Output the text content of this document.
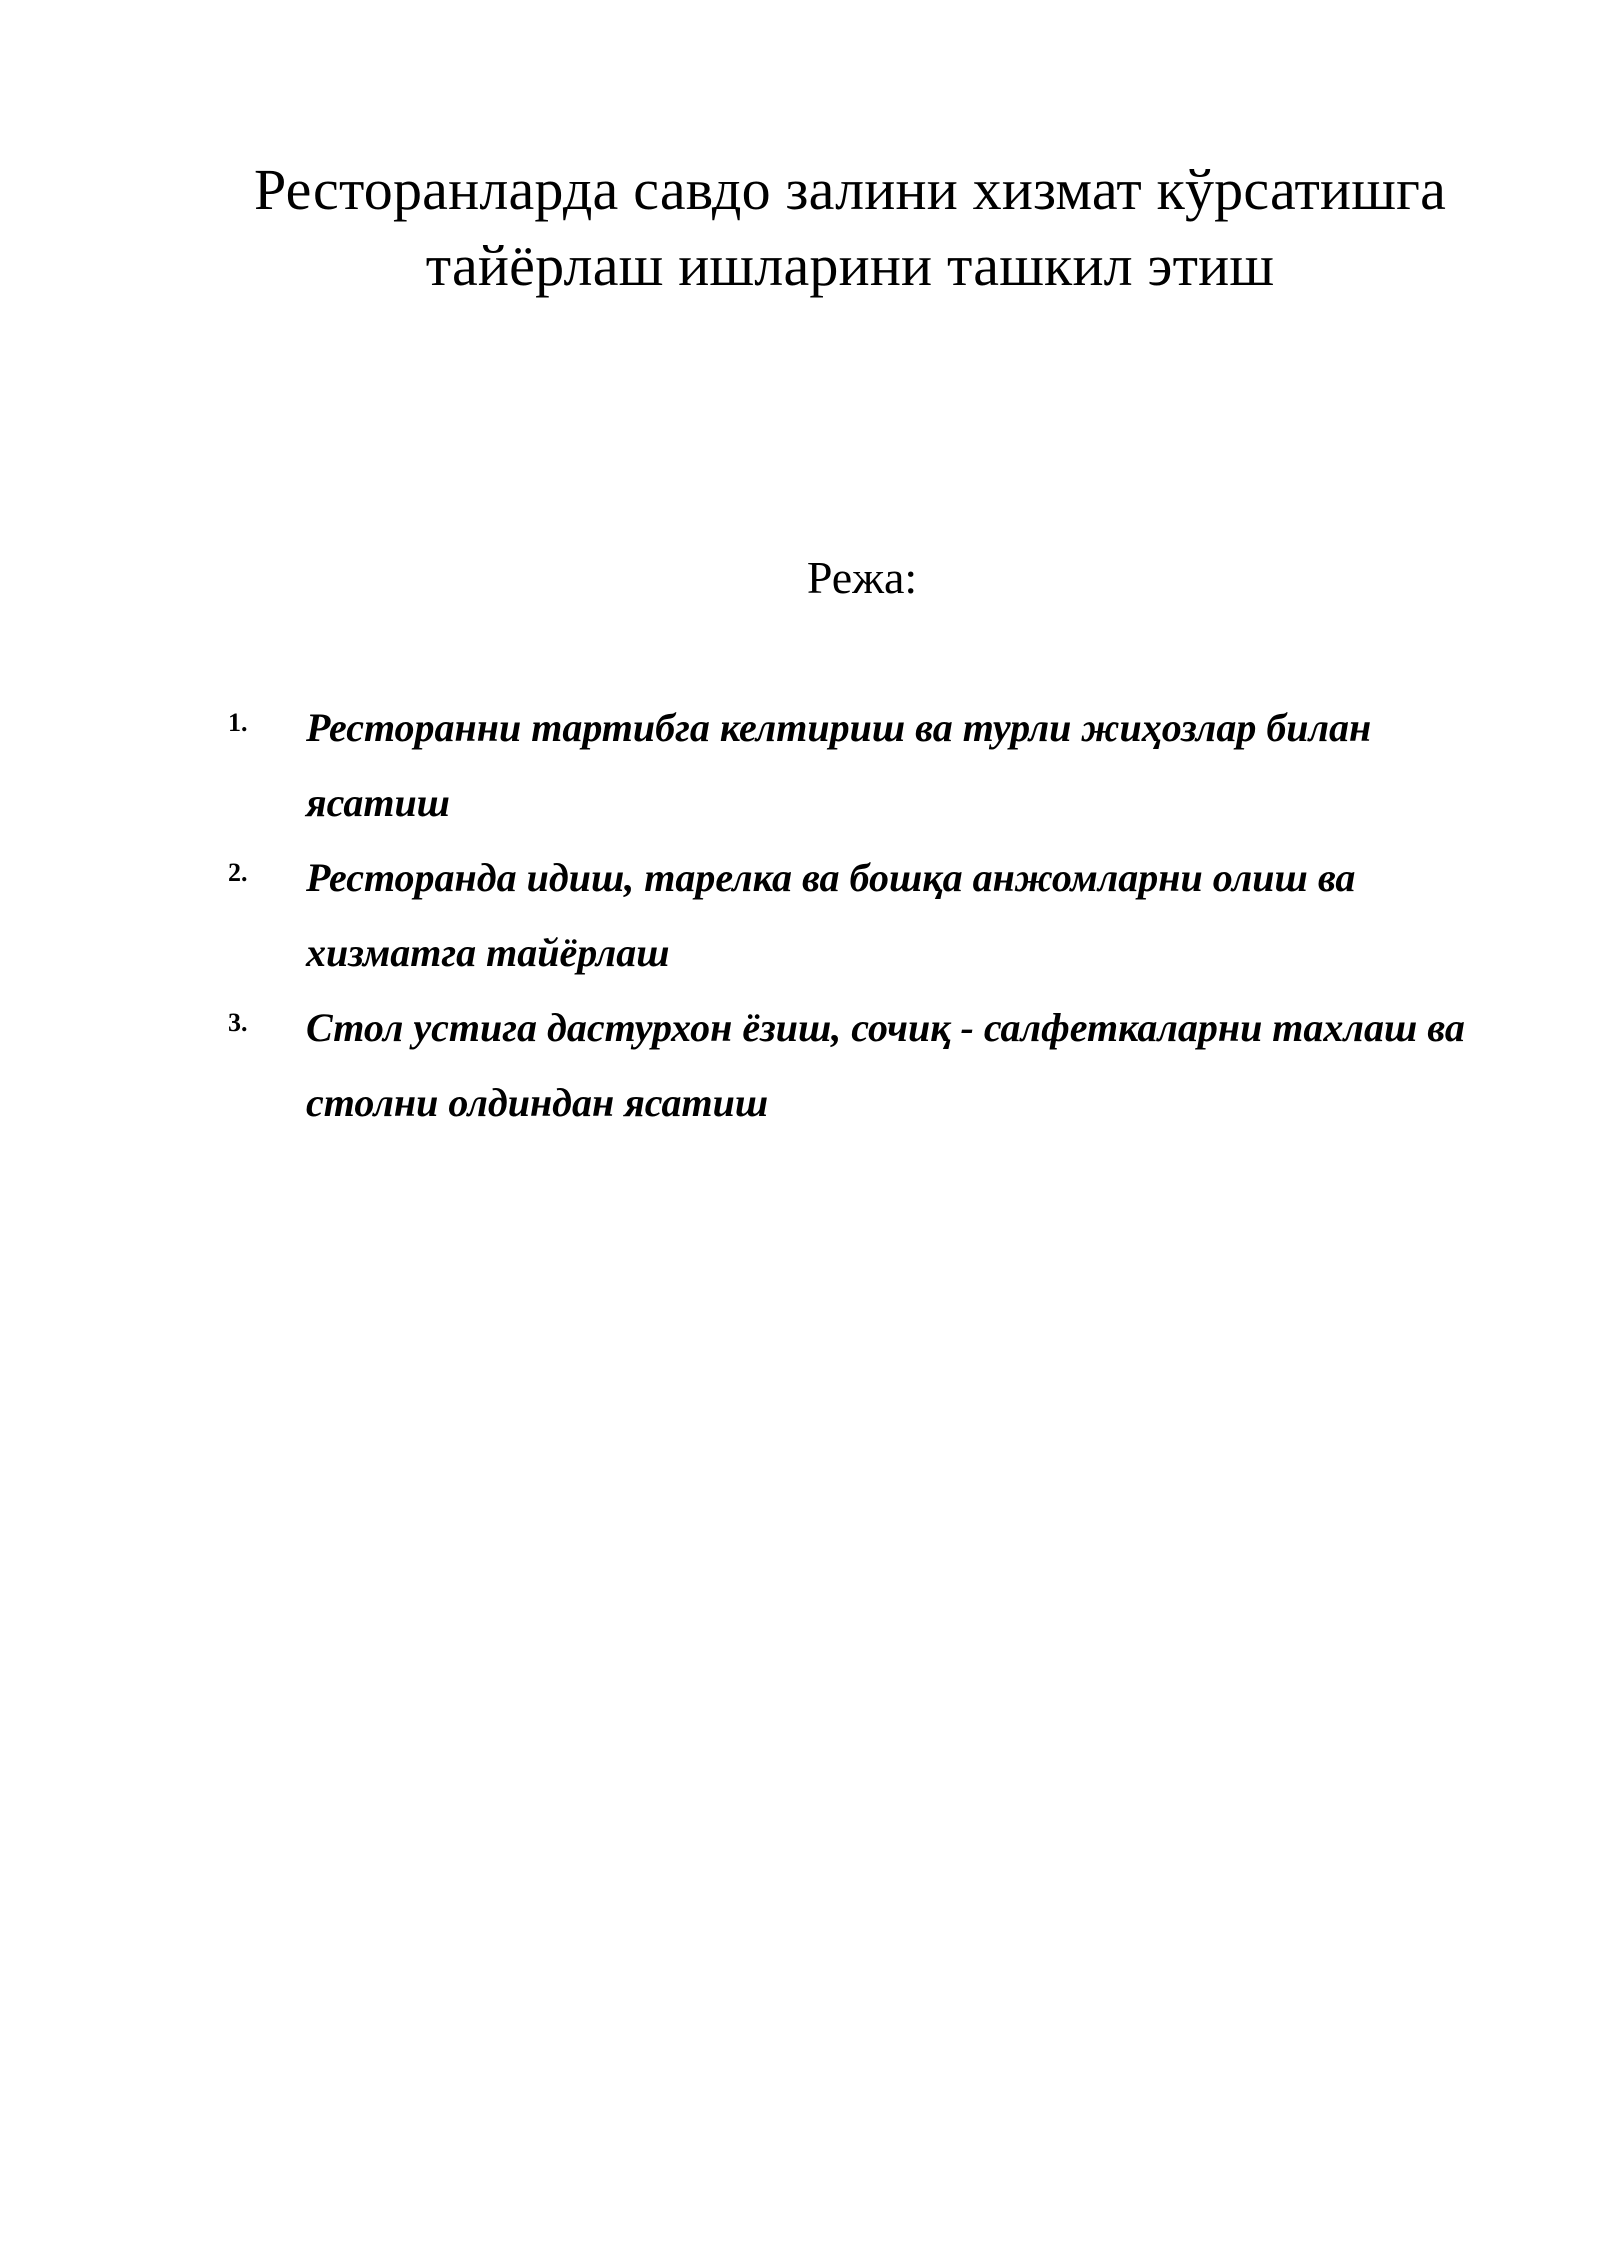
Ресторанларда савдо залини хизмат кўрсатишга тайёрлаш ишларини ташкил этиш
Режа:
1. Ресторанни тартибга келтириш ва турли жиҳозлар билан ясатиш
2. Ресторанда идиш, тарелка ва бошқа анжомларни олиш ва хизматга тайёрлаш
3. Стол устига дастурхон ёзиш, сочиқ - салфеткаларни тахлаш ва столни олдиндан ясатиш
